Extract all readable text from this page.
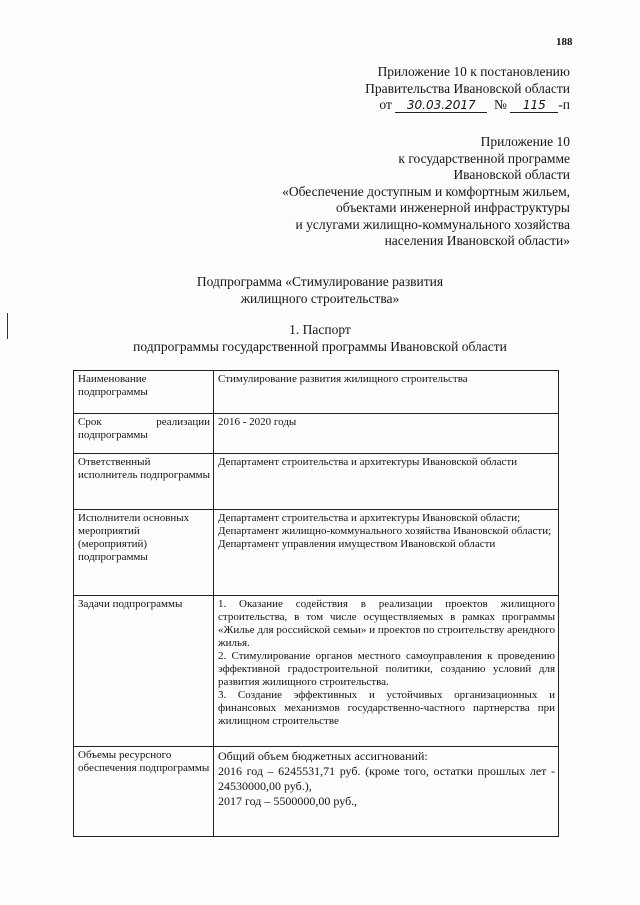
188
Приложение 10 к постановлению
Правительства Ивановской области
от 30.03.2017 № 115 -п
Приложение 10
к государственной программе
Ивановской области
«Обеспечение доступным и комфортным жильем,
объектами инженерной инфраструктуры
и услугами жилищно-коммунального хозяйства
населения Ивановской области»
Подпрограмма «Стимулирование развития
жилищного строительства»
1. Паспорт
подпрограммы государственной программы Ивановской области
Наименование подпрограммы	Стимулирование развития жилищного строительства
Срок реализации подпрограммы	2016 - 2020 годы
Ответственный исполнитель подпрограммы	Департамент строительства и архитектуры Ивановской области
Исполнители основных мероприятий (мероприятий) подпрограммы	Департамент строительства и архитектуры Ивановской области;
Департамент жилищно-коммунального хозяйства Ивановской области;
Департамент управления имуществом Ивановской области

Задачи подпрограммы	1. Оказание содействия в реализации проектов жилищного строительства, в том числе осуществляемых в рамках программы «Жилье для российской семьи» и проектов по строительству арендного жилья.
2. Стимулирование органов местного самоуправления к проведению эффективной градостроительной политики, созданию условий для развития жилищного строительства.
3. Создание эффективных и устойчивых организационных и финансовых механизмов государственно-частного партнерства при жилищном строительстве

Объемы ресурсного обеспечения подпрограммы	Общий объем бюджетных ассигнований:
2016 год – 6245531,71 руб. (кроме того, остатки прошлых лет - 24530000,00 руб.),
2017 год – 5500000,00 руб.,
